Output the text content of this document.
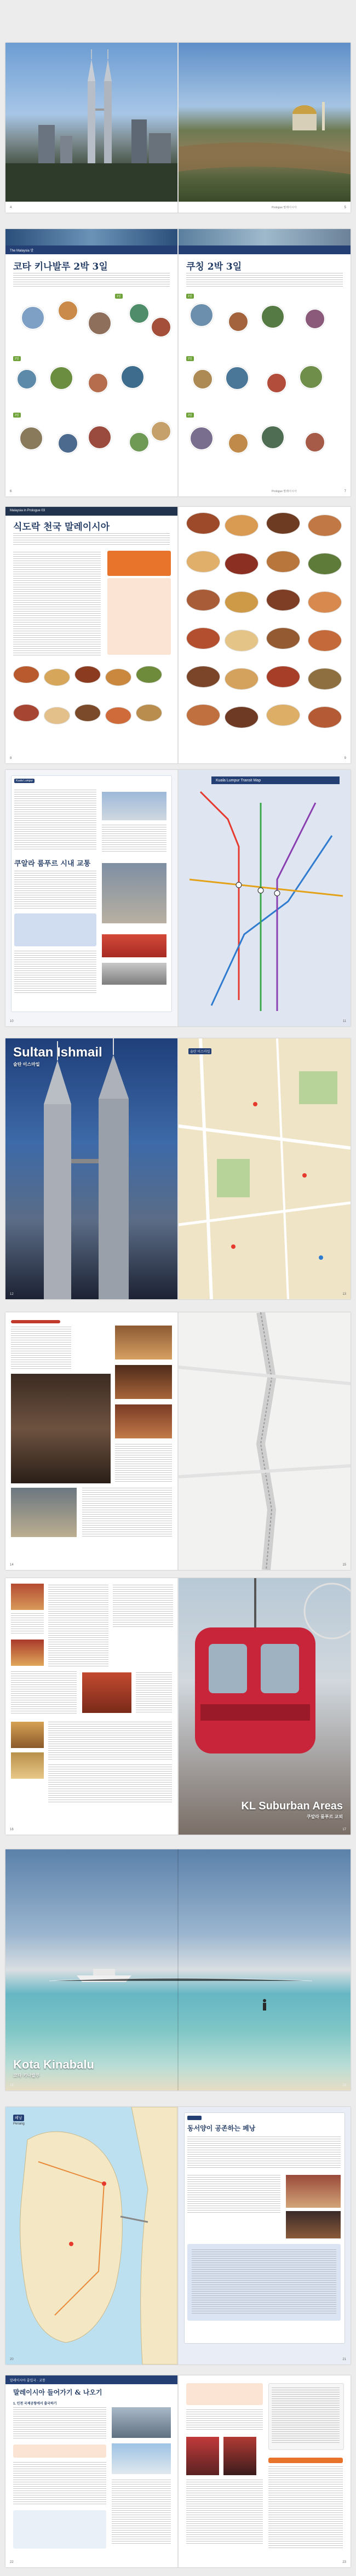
4	Prologue 말레이시아	5
The Malaysia 말
코타 키나발루 2박 3일
1일
2일
3일
6
쿠칭 2박 3일
1일
2일
3일
Prologue 말레이시아	7
Malaysia in Prologue 03
식도락 천국 말레이시아
8	9
Kuala Lumpur
쿠알라 룸푸르 시내 교통
10
Kuala Lumpur Transit Map
11
Sultan Ishmail
술탄 이스마일
12
술탄 이스마일
13
14	15
16
KL Suburban Areas
쿠알라 룸푸르 교외
17
Kota Kinabalu
코타 키나발루
18	19
페낭
Penang
20
동서양이 공존하는 페낭
21
말레이시아 출입국 · 교통
말레이시아 들어가기 & 나오기
1. 인천 국제공항에서 출국하기
22	23
